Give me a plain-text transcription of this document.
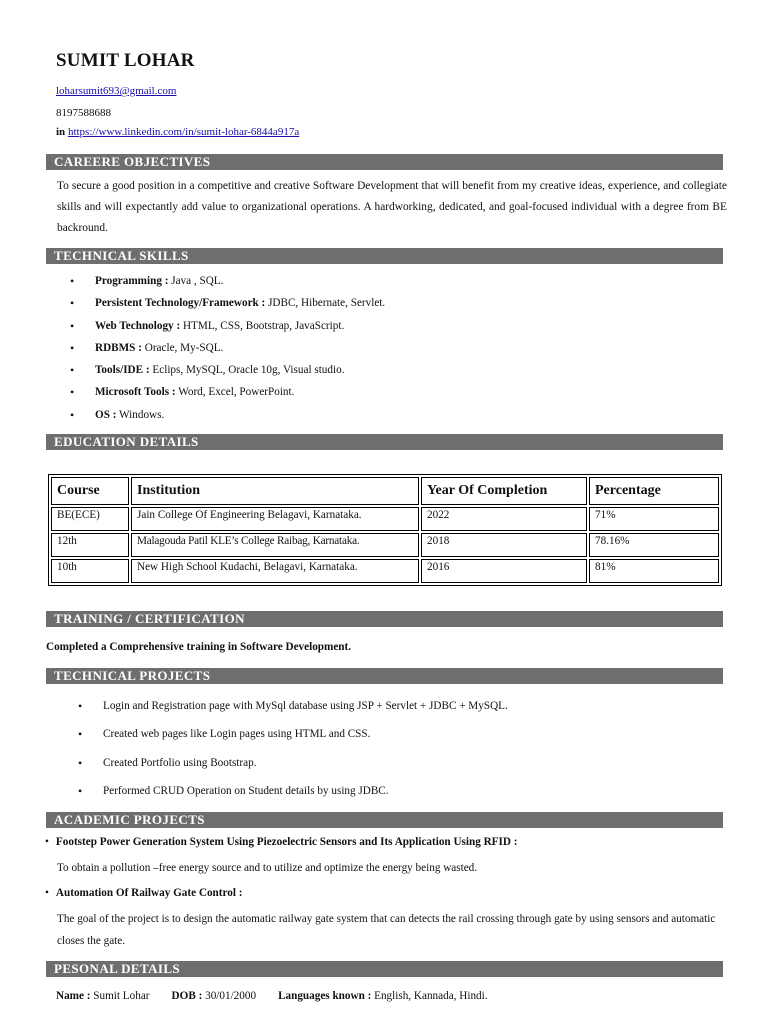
SUMIT LOHAR
loharsumit693@gmail.com
8197588688
in https://www.linkedin.com/in/sumit-lohar-6844a917a
CAREERE OBJECTIVES
To secure a good position in a competitive and creative Software Development that will benefit from my creative ideas, experience, and collegiate skills and will expectantly add value to organizational operations. A hardworking, dedicated, and goal-focused individual with a degree from BE backround.
TECHNICAL SKILLS
• Programming : Java , SQL.
• Persistent Technology/Framework : JDBC, Hibernate, Servlet.
• Web Technology : HTML, CSS, Bootstrap, JavaScript.
• RDBMS : Oracle, My-SQL.
• Tools/IDE : Eclips, MySQL, Oracle 10g, Visual studio.
• Microsoft Tools : Word, Excel, PowerPoint.
• OS : Windows.
EDUCATION DETAILS
Course	Institution	Year Of Completion	Percentage
BE(ECE)	Jain College Of Engineering Belagavi, Karnataka.	2022	71%
12th	Malagouda Patil KLE’s College Raibag, Karnataka.	2018	78.16%
10th	New High School Kudachi, Belagavi, Karnataka.	2016	81%
TRAINING / CERTIFICATION
Completed a Comprehensive training in Software Development.
TECHNICAL PROJECTS
• Login and Registration page with MySql database using JSP + Servlet + JDBC + MySQL.
• Created web pages like Login pages using HTML and CSS.
• Created Portfolio using Bootstrap.
• Performed CRUD Operation on Student details by using JDBC.
ACADEMIC PROJECTS
• Footstep Power Generation System Using Piezoelectric Sensors and Its Application Using RFID :
To obtain a pollution –free energy source and to utilize and optimize the energy being wasted.
• Automation Of Railway Gate Control :
The goal of the project is to design the automatic railway gate system that can detects the rail crossing through gate by using sensors and automatic closes the gate.
PESONAL DETAILS
Name : Sumit Lohar DOB : 30/01/2000 Languages known : English, Kannada, Hindi.
